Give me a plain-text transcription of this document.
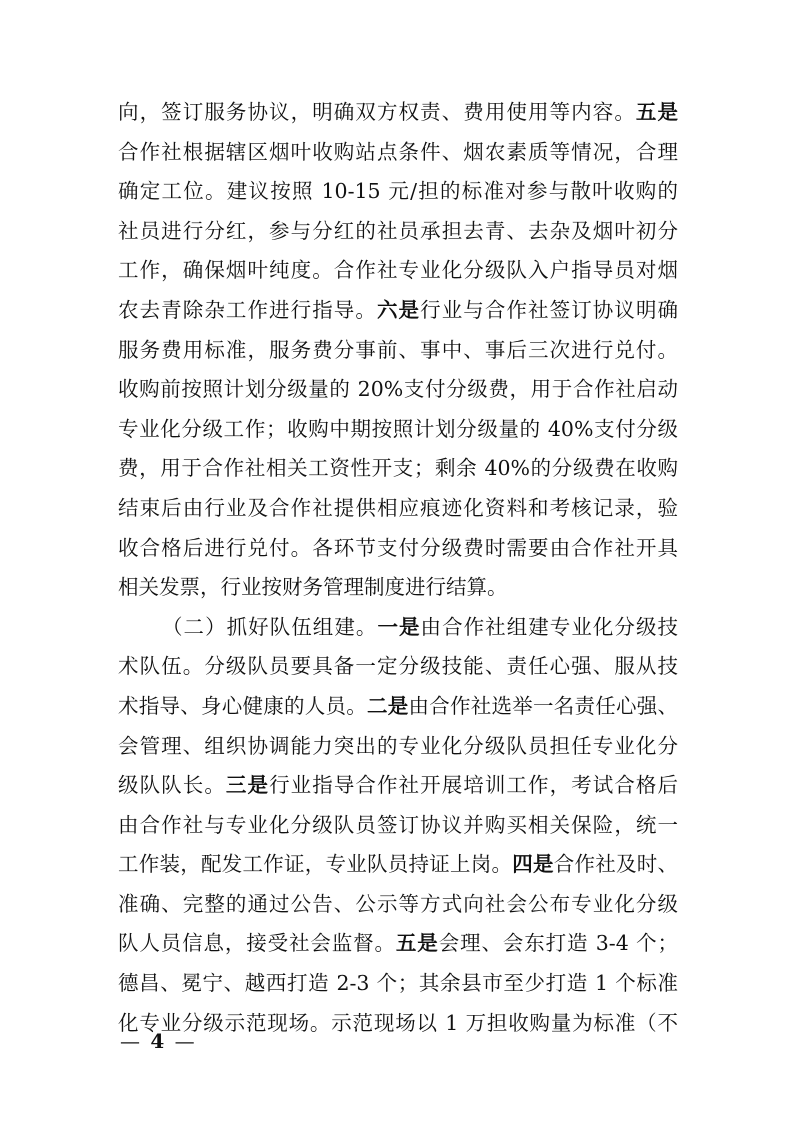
向，签订服务协议，明确双方权责、费用使用等内容。五是
合作社根据辖区烟叶收购站点条件、烟农素质等情况，合理
确定工位。建议按照 10-15 元/担的标准对参与散叶收购的
社员进行分红，参与分红的社员承担去青、去杂及烟叶初分
工作，确保烟叶纯度。合作社专业化分级队入户指导员对烟
农去青除杂工作进行指导。六是行业与合作社签订协议明确
服务费用标准，服务费分事前、事中、事后三次进行兑付。
收购前按照计划分级量的 20%支付分级费，用于合作社启动
专业化分级工作；收购中期按照计划分级量的 40%支付分级
费，用于合作社相关工资性开支；剩余 40%的分级费在收购
结束后由行业及合作社提供相应痕迹化资料和考核记录，验
收合格后进行兑付。各环节支付分级费时需要由合作社开具
相关发票，行业按财务管理制度进行结算。
（二）抓好队伍组建。一是由合作社组建专业化分级技
术队伍。分级队员要具备一定分级技能、责任心强、服从技
术指导、身心健康的人员。二是由合作社选举一名责任心强、
会管理、组织协调能力突出的专业化分级队员担任专业化分
级队队长。三是行业指导合作社开展培训工作，考试合格后
由合作社与专业化分级队员签订协议并购买相关保险，统一
工作装，配发工作证，专业队员持证上岗。四是合作社及时、
准确、完整的通过公告、公示等方式向社会公布专业化分级
队人员信息，接受社会监督。五是会理、会东打造 3-4 个；
德昌、冕宁、越西打造 2-3 个；其余县市至少打造 1 个标准
化专业分级示范现场。示范现场以 1 万担收购量为标准（不
— 4 —
